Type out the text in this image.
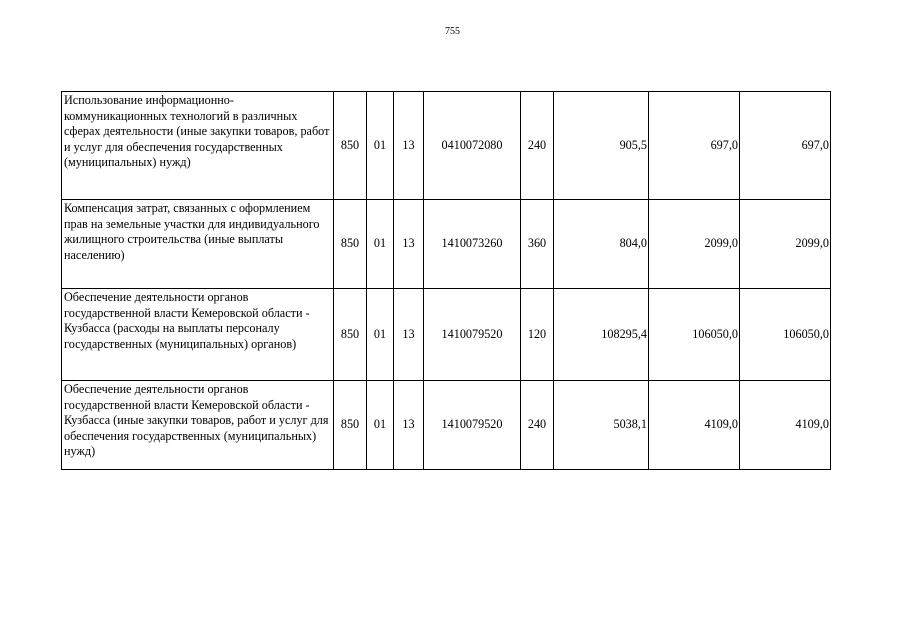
755
Использование информационно-коммуникационных технологий в различных сферах деятельности (иные закупки товаров, работ и услуг для обеспечения государственных (муниципальных) нужд)	850	01	13	0410072080	240	905,5	697,0	697,0
Компенсация затрат, связанных с оформлением прав на земельные участки для индивидуального жилищного строительства (иные выплаты населению)	850	01	13	1410073260	360	804,0	2099,0	2099,0
Обеспечение деятельности органов государственной власти Кемеровской области - Кузбасса (расходы на выплаты персоналу государственных (муниципальных) органов)	850	01	13	1410079520	120	108295,4	106050,0	106050,0
Обеспечение деятельности органов государственной власти Кемеровской области - Кузбасса (иные закупки товаров, работ и услуг для обеспечения государственных (муниципальных) нужд)	850	01	13	1410079520	240	5038,1	4109,0	4109,0
